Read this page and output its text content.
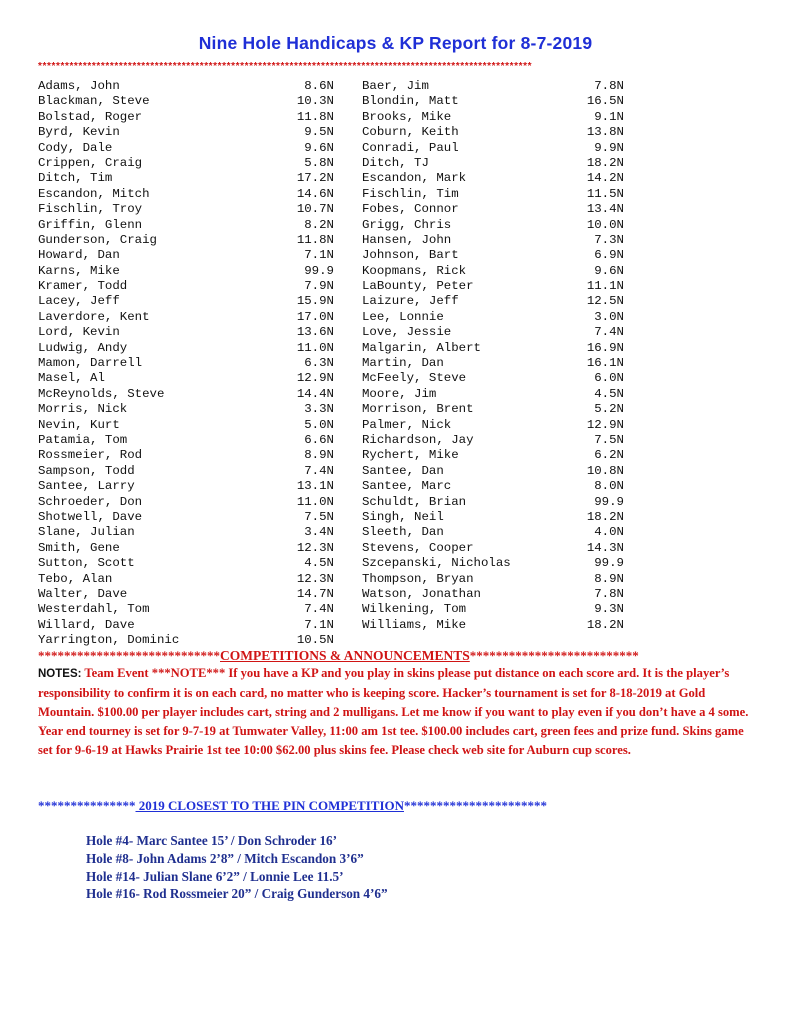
Nine Hole Handicaps & KP Report for 8-7-2019
**************************************************************************************************************
Adams, John	8.6N
Blackman, Steve	10.3N
Bolstad, Roger	11.8N
Byrd, Kevin	9.5N
Cody, Dale	9.6N
Crippen, Craig	5.8N
Ditch, Tim	17.2N
Escandon, Mitch	14.6N
Fischlin, Troy	10.7N
Griffin, Glenn	8.2N
Gunderson, Craig	11.8N
Howard, Dan	7.1N
Karns, Mike	99.9
Kramer, Todd	7.9N
Lacey, Jeff	15.9N
Laverdore, Kent	17.0N
Lord, Kevin	13.6N
Ludwig, Andy	11.0N
Mamon, Darrell	6.3N
Masel, Al	12.9N
McReynolds, Steve	14.4N
Morris, Nick	3.3N
Nevin, Kurt	5.0N
Patamia, Tom	6.6N
Rossmeier, Rod	8.9N
Sampson, Todd	7.4N
Santee, Larry	13.1N
Schroeder, Don	11.0N
Shotwell, Dave	7.5N
Slane, Julian	3.4N
Smith, Gene	12.3N
Sutton, Scott	4.5N
Tebo, Alan	12.3N
Walter, Dave	14.7N
Westerdahl, Tom	7.4N
Willard, Dave	7.1N
Yarrington, Dominic	10.5N
Baer, Jim	7.8N
Blondin, Matt	16.5N
Brooks, Mike	9.1N
Coburn, Keith	13.8N
Conradi, Paul	9.9N
Ditch, TJ	18.2N
Escandon, Mark	14.2N
Fischlin, Tim	11.5N
Fobes, Connor	13.4N
Grigg, Chris	10.0N
Hansen, John	7.3N
Johnson, Bart	6.9N
Koopmans, Rick	9.6N
LaBounty, Peter	11.1N
Laizure, Jeff	12.5N
Lee, Lonnie	3.0N
Love, Jessie	7.4N
Malgarin, Albert	16.9N
Martin, Dan	16.1N
McFeely, Steve	6.0N
Moore, Jim	4.5N
Morrison, Brent	5.2N
Palmer, Nick	12.9N
Richardson, Jay	7.5N
Rychert, Mike	6.2N
Santee, Dan	10.8N
Santee, Marc	8.0N
Schuldt, Brian	99.9
Singh, Neil	18.2N
Sleeth, Dan	4.0N
Stevens, Cooper	14.3N
Szcepanski, Nicholas	99.9
Thompson, Bryan	8.9N
Watson, Jonathan	7.8N
Wilkening, Tom	9.3N
Williams, Mike	18.2N
****************************COMPETITIONS & ANNOUNCEMENTS**************************
NOTES: Team Event ***NOTE*** If you have a KP and you play in skins please put distance on each score ard. It is the player’s responsibility to confirm it is on each card, no matter who is keeping score. Hacker’s tournament is set for 8-18-2019 at Gold Mountain. $100.00 per player includes cart, string and 2 mulligans. Let me know if you want to play even if you don’t have a 4 some. Year end tourney is set for 9-7-19 at Tumwater Valley, 11:00 am 1st tee. $100.00 includes cart, green fees and prize fund. Skins game set for 9-6-19 at Hawks Prairie 1st tee 10:00 $62.00 plus skins fee. Please check web site for Auburn cup scores.
*************** 2019 CLOSEST TO THE PIN COMPETITION**********************
Hole #4- Marc Santee 15’ / Don Schroder 16’
Hole #8- John Adams 2’8” / Mitch Escandon 3’6”
Hole #14- Julian Slane 6’2” / Lonnie Lee 11.5’
Hole #16- Rod Rossmeier 20” / Craig Gunderson 4’6”
